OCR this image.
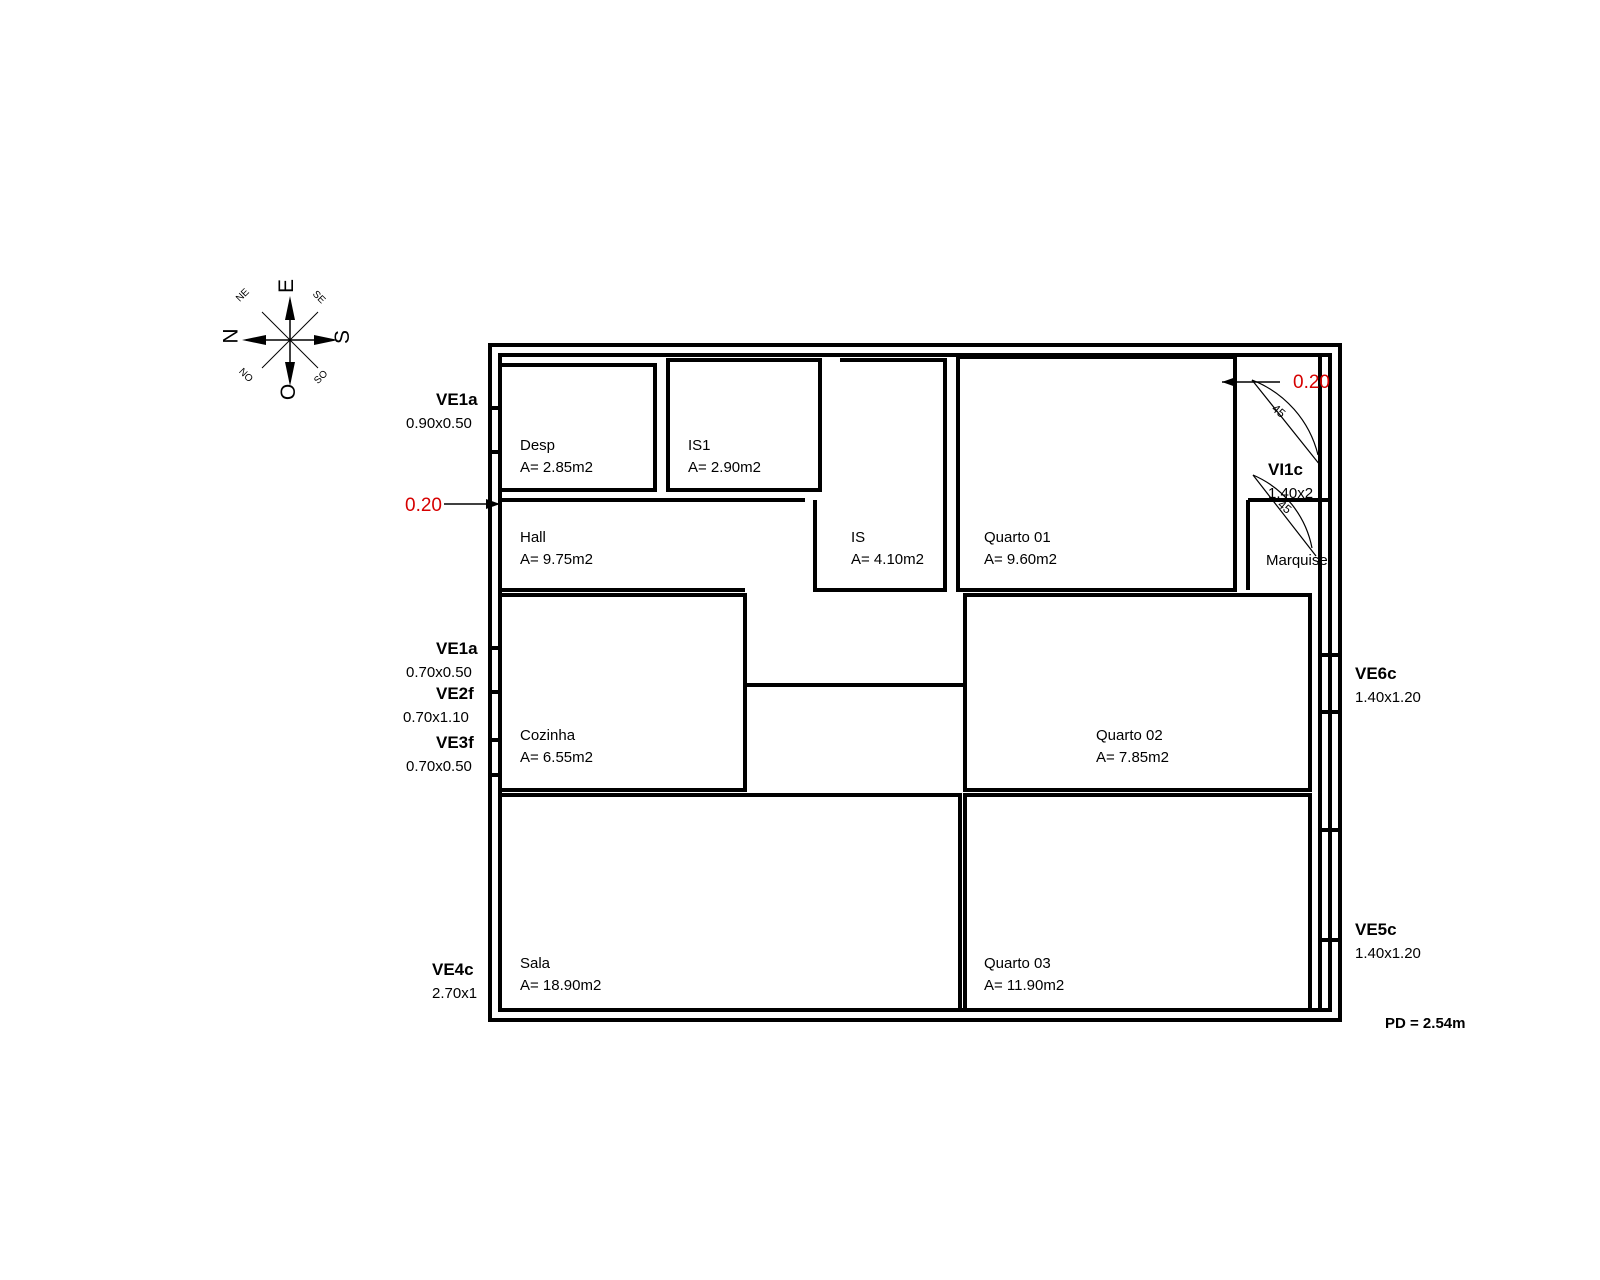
N
E
S
O
NE	SE
SO
NO
Desp
A= 2.85m2
IS1
A= 2.90m2
IS
A= 4.10m2
Quarto 01
A= 9.60m2
Hall
A= 9.75m2
Cozinha
A= 6.55m2
Quarto 02
A= 7.85m2
Sala
A= 18.90m2
Quarto 03
A= 11.90m2
Marquise
VE1a
0.90x0.50
VE1a
0.70x0.50
VE2f
0.70x1.10
VE3f
0.70x0.50
VE4c
2.70x1
VE6c
1.40x1.20
VE5c
1.40x1.20
VI1c
1.40x2
0.20
0.20
45
45
PD = 2.54m
